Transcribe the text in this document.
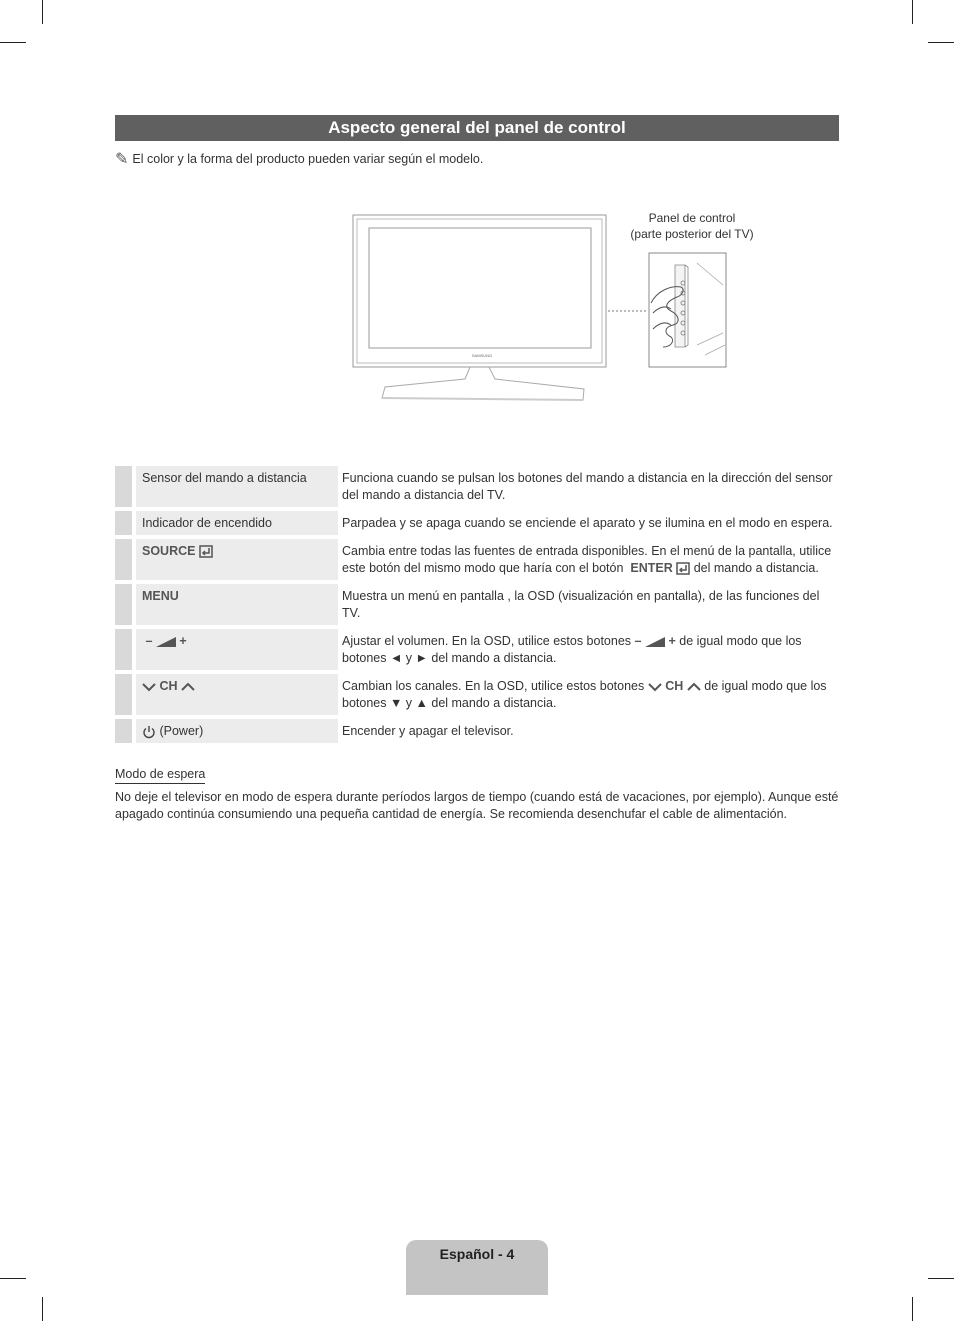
Aspecto general del panel de control
✎ El color y la forma del producto pueden variar según el modelo.
SAMSUNG
Panel de control
(parte posterior del TV)
	Sensor del mando a distancia	Funciona cuando se pulsan los botones del mando a distancia en la dirección del sensor del mando a distancia del TV.
	Indicador de encendido	Parpadea y se apaga cuando se enciende el aparato y se ilumina en el modo en espera.
	SOURCE	Cambia entre todas las fuentes de entrada disponibles. En el menú de la pantalla, utilice este botón del mismo modo que haría con el botón ENTER del mando a distancia.
	MENU	Muestra un menú en pantalla , la OSD (visualización en pantalla), de las funciones del TV.
	– +	Ajustar el volumen. En la OSD, utilice estos botones – + de igual modo que los botones ◄ y ► del mando a distancia.
	CH	Cambian los canales. En la OSD, utilice estos botones CH de igual modo que los botones ▼ y ▲ del mando a distancia.
	(Power)	Encender y apagar el televisor.
Modo de espera
No deje el televisor en modo de espera durante períodos largos de tiempo (cuando está de vacaciones, por ejemplo). Aunque esté apagado continúa consumiendo una pequeña cantidad de energía. Se recomienda desenchufar el cable de alimentación.
Español - 4
